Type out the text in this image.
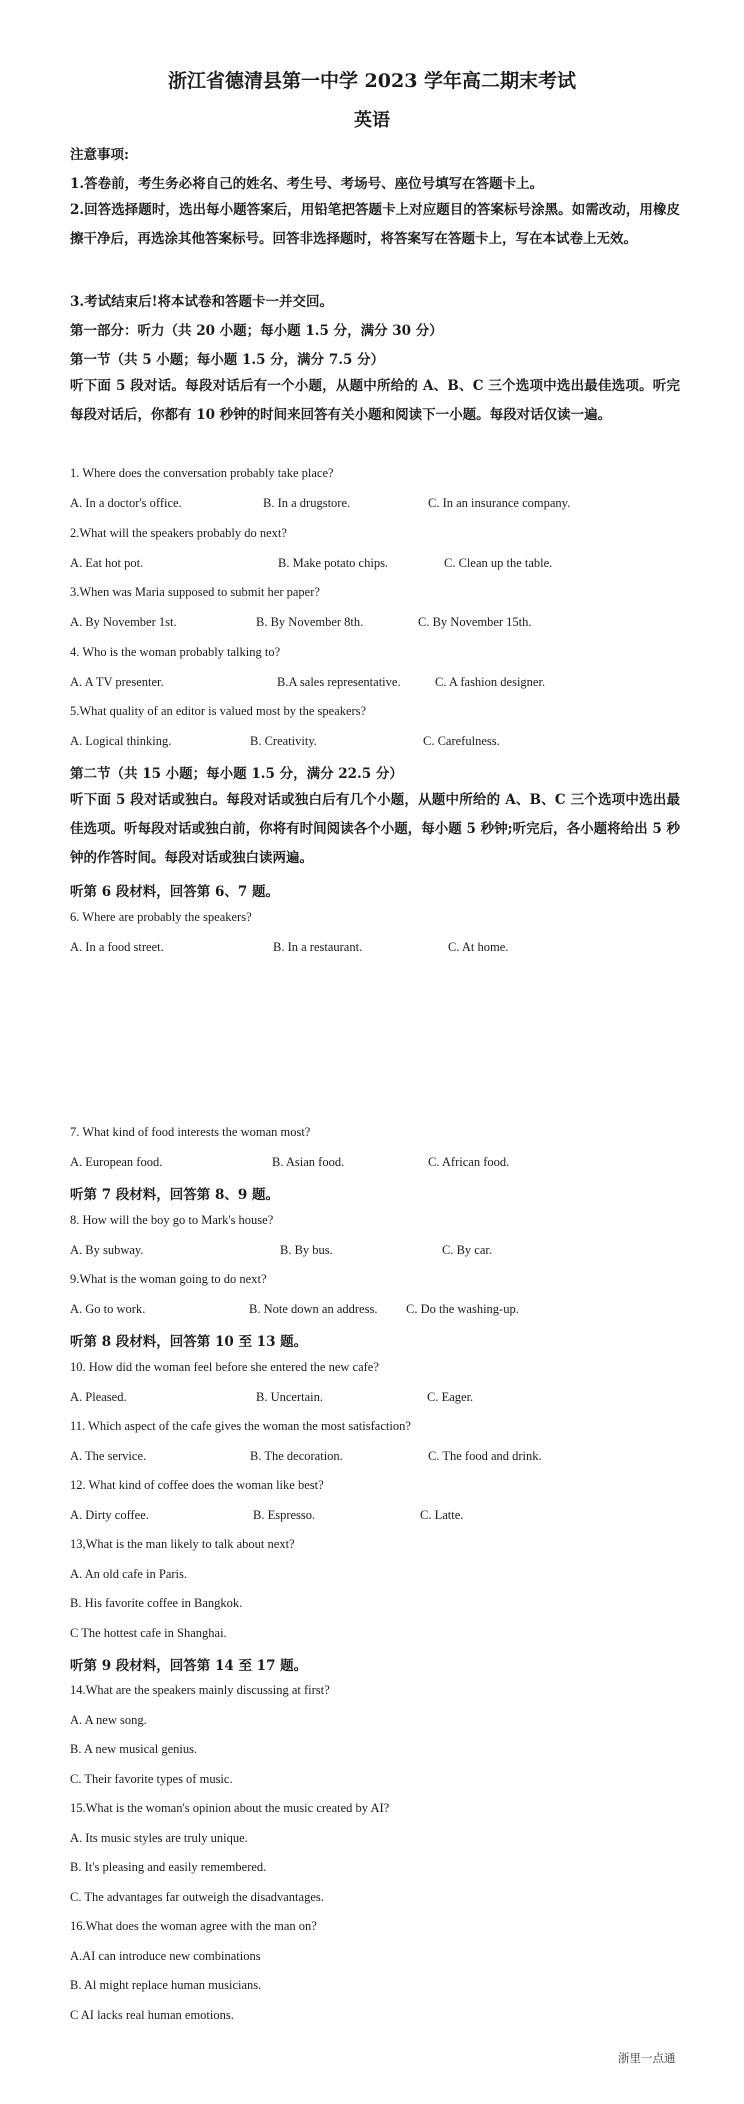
浙江省德清县第一中学 2023 学年高二期末考试
英语
注意事项:
1.答卷前，考生务必将自己的姓名、考生号、考场号、座位号填写在答题卡上。
2.回答选择题时，选出每小题答案后，用铅笔把答题卡上对应题目的答案标号涂黑。如需改动，用橡皮擦干净后，再选涂其他答案标号。回答非选择题时，将答案写在答题卡上，写在本试卷上无效。
3.考试结束后!将本试卷和答题卡一并交回。
第一部分：听力（共 20 小题；每小题 1.5 分，满分 30 分）
第一节（共 5 小题；每小题 1.5 分，满分 7.5 分）
听下面 5 段对话。每段对话后有一个小题，从题中所给的 A、B、C 三个选项中选出最佳选项。听完每段对话后，你都有 10 秒钟的时间来回答有关小题和阅读下一小题。每段对话仅读一遍。
1. Where does the conversation probably take place?
A. In a doctor's office.	B. In a drugstore.	C. In an insurance company.
2.What will the speakers probably do next?
A. Eat hot pot.	B. Make potato chips.	C. Clean up the table.
3.When was Maria supposed to submit her paper?
A. By November 1st.	B. By November 8th.	C. By November 15th.
4. Who is the woman probably talking to?
A. A TV presenter.	B.A sales representative.	C. A fashion designer.
5.What quality of an editor is valued most by the speakers?
A. Logical thinking.	B. Creativity.	C. Carefulness.
第二节（共 15 小题；每小题 1.5 分，满分 22.5 分）
听下面 5 段对话或独白。每段对话或独白后有几个小题，从题中所给的 A、B、C 三个选项中选出最佳选项。听每段对话或独白前，你将有时间阅读各个小题，每小题 5 秒钟;听完后，各小题将给出 5 秒钟的作答时间。每段对话或独白读两遍。
听第 6 段材料，回答第 6、7 题。
6. Where are probably the speakers?
A. In a food street.	B. In a restaurant.	C. At home.
7. What kind of food interests the woman most?
A. European food.	B. Asian food.	C. African food.
听第 7 段材料，回答第 8、9 题。
8. How will the boy go to Mark's house?
A. By subway.	B. By bus.	C. By car.
9.What is the woman going to do next?
A. Go to work.	B. Note down an address. C. Do the washing-up.
听第 8 段材料，回答第 10 至 13 题。
10. How did the woman feel before she entered the new cafe?
A. Pleased.	B. Uncertain.	C. Eager.
11. Which aspect of the cafe gives the woman the most satisfaction?
A. The service.	B. The decoration.	C. The food and drink.
12. What kind of coffee does the woman like best?
A. Dirty coffee.	B. Espresso.	C. Latte.
13,What is the man likely to talk about next?
A. An old cafe in Paris.
B. His favorite coffee in Bangkok.
C The hottest cafe in Shanghai.
听第 9 段材料，回答第 14 至 17 题。
14.What are the speakers mainly discussing at first?
A. A new song.
B. A new musical genius.
C. Their favorite types of music.
15.What is the woman's opinion about the music created by AI?
A. Its music styles are truly unique.
B. It's pleasing and easily remembered.
C. The advantages far outweigh the disadvantages.
16.What does the woman agree with the man on?
A.AI can introduce new combinations
B. Al might replace human musicians.
C AI lacks real human emotions.
浙里一点通
